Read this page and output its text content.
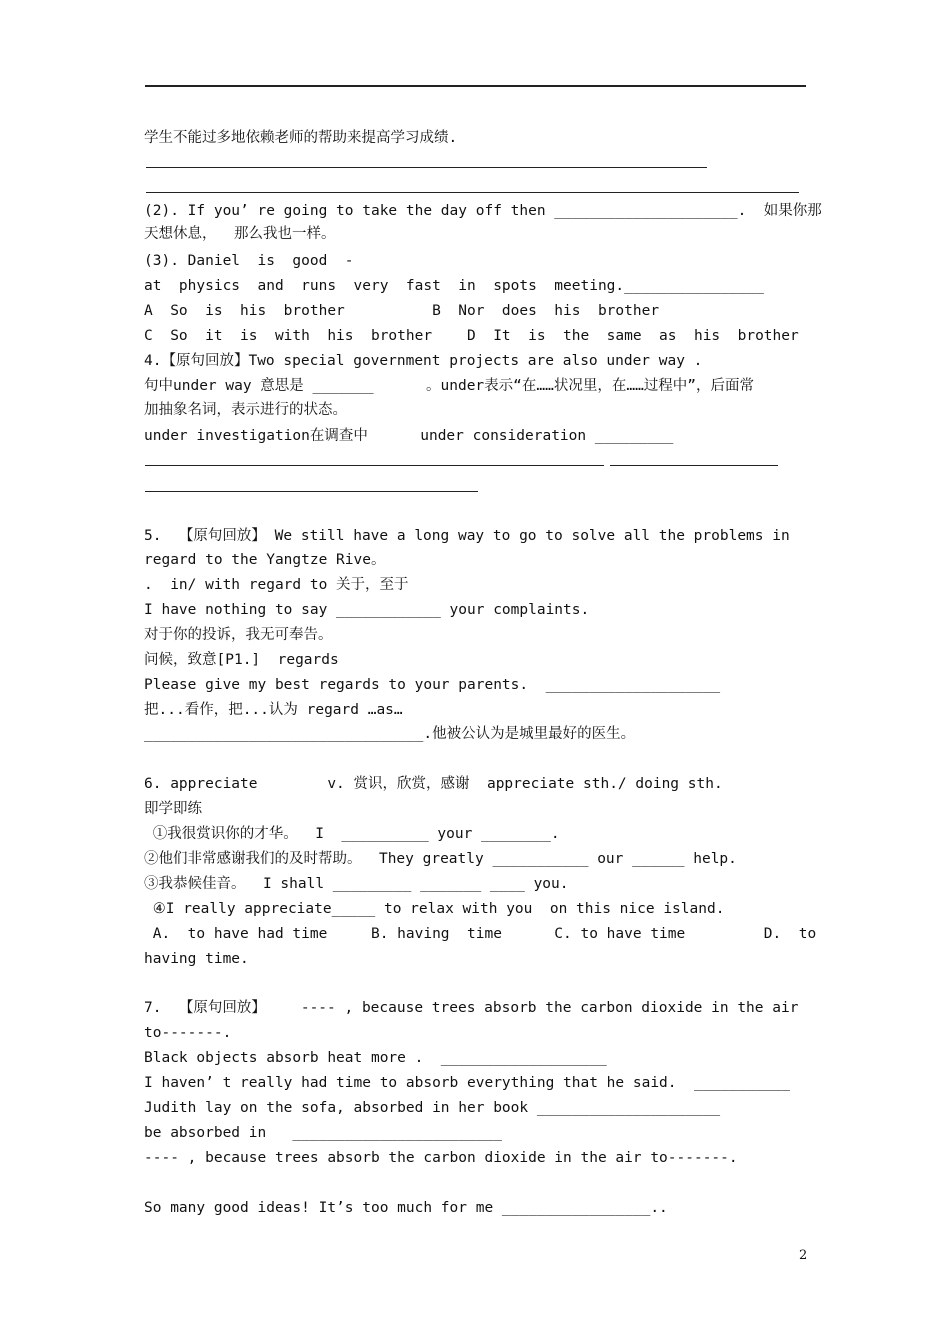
学生不能过多地依赖老师的帮助来提高学习成绩.
(2). If you’ re going to take the day off then _____________________.  如果你那
天想休息，  那么我也一样。
(3). Daniel  is  good  -
at  physics  and  runs  very  fast  in  spots  meeting.________________
A  So  is  his  brother          B  Nor  does  his  brother
C  So  it  is  with  his  brother    D  It  is  the  same  as  his  brother
4.【原句回放】Two special government projects are also under way .
句中under way 意思是 _______      。under表示“在……状况里，在……过程中”，后面常
加抽象名词，表示进行的状态。
under investigation在调查中      under consideration _________
5.  【原句回放】 We still have a long way to go to solve all the problems in
regard to the Yangtze Rive。
.  in/ with regard to 关于，至于
I have nothing to say ____________ your complaints.
对于你的投诉，我无可奉告。
问候，致意[P1.]  regards
Please give my best regards to your parents.  ____________________
把...看作，把...认为 regard …as…
________________________________.他被公认为是城里最好的医生。
6. appreciate        v. 赏识，欣赏，感谢  appreciate sth./ doing sth.
即学即练
①我很赏识你的才华。  I  __________ your ________.
②他们非常感谢我们的及时帮助。  They greatly ___________ our ______ help.
③我恭候佳音。  I shall _________ _______ ____ you.
④I really appreciate_____ to relax with you  on this nice island.
A.  to have had time     B. having  time      C. to have time         D.  to
having time.
7.  【原句回放】    ---- , because trees absorb the carbon dioxide in the air
to-------.
Black objects absorb heat more .  ___________________
I haven’ t really had time to absorb everything that he said.  ___________
Judith lay on the sofa, absorbed in her book _____________________
be absorbed in   ________________________
---- , because trees absorb the carbon dioxide in the air to-------.
So many good ideas! It’s too much for me _________________..
2
